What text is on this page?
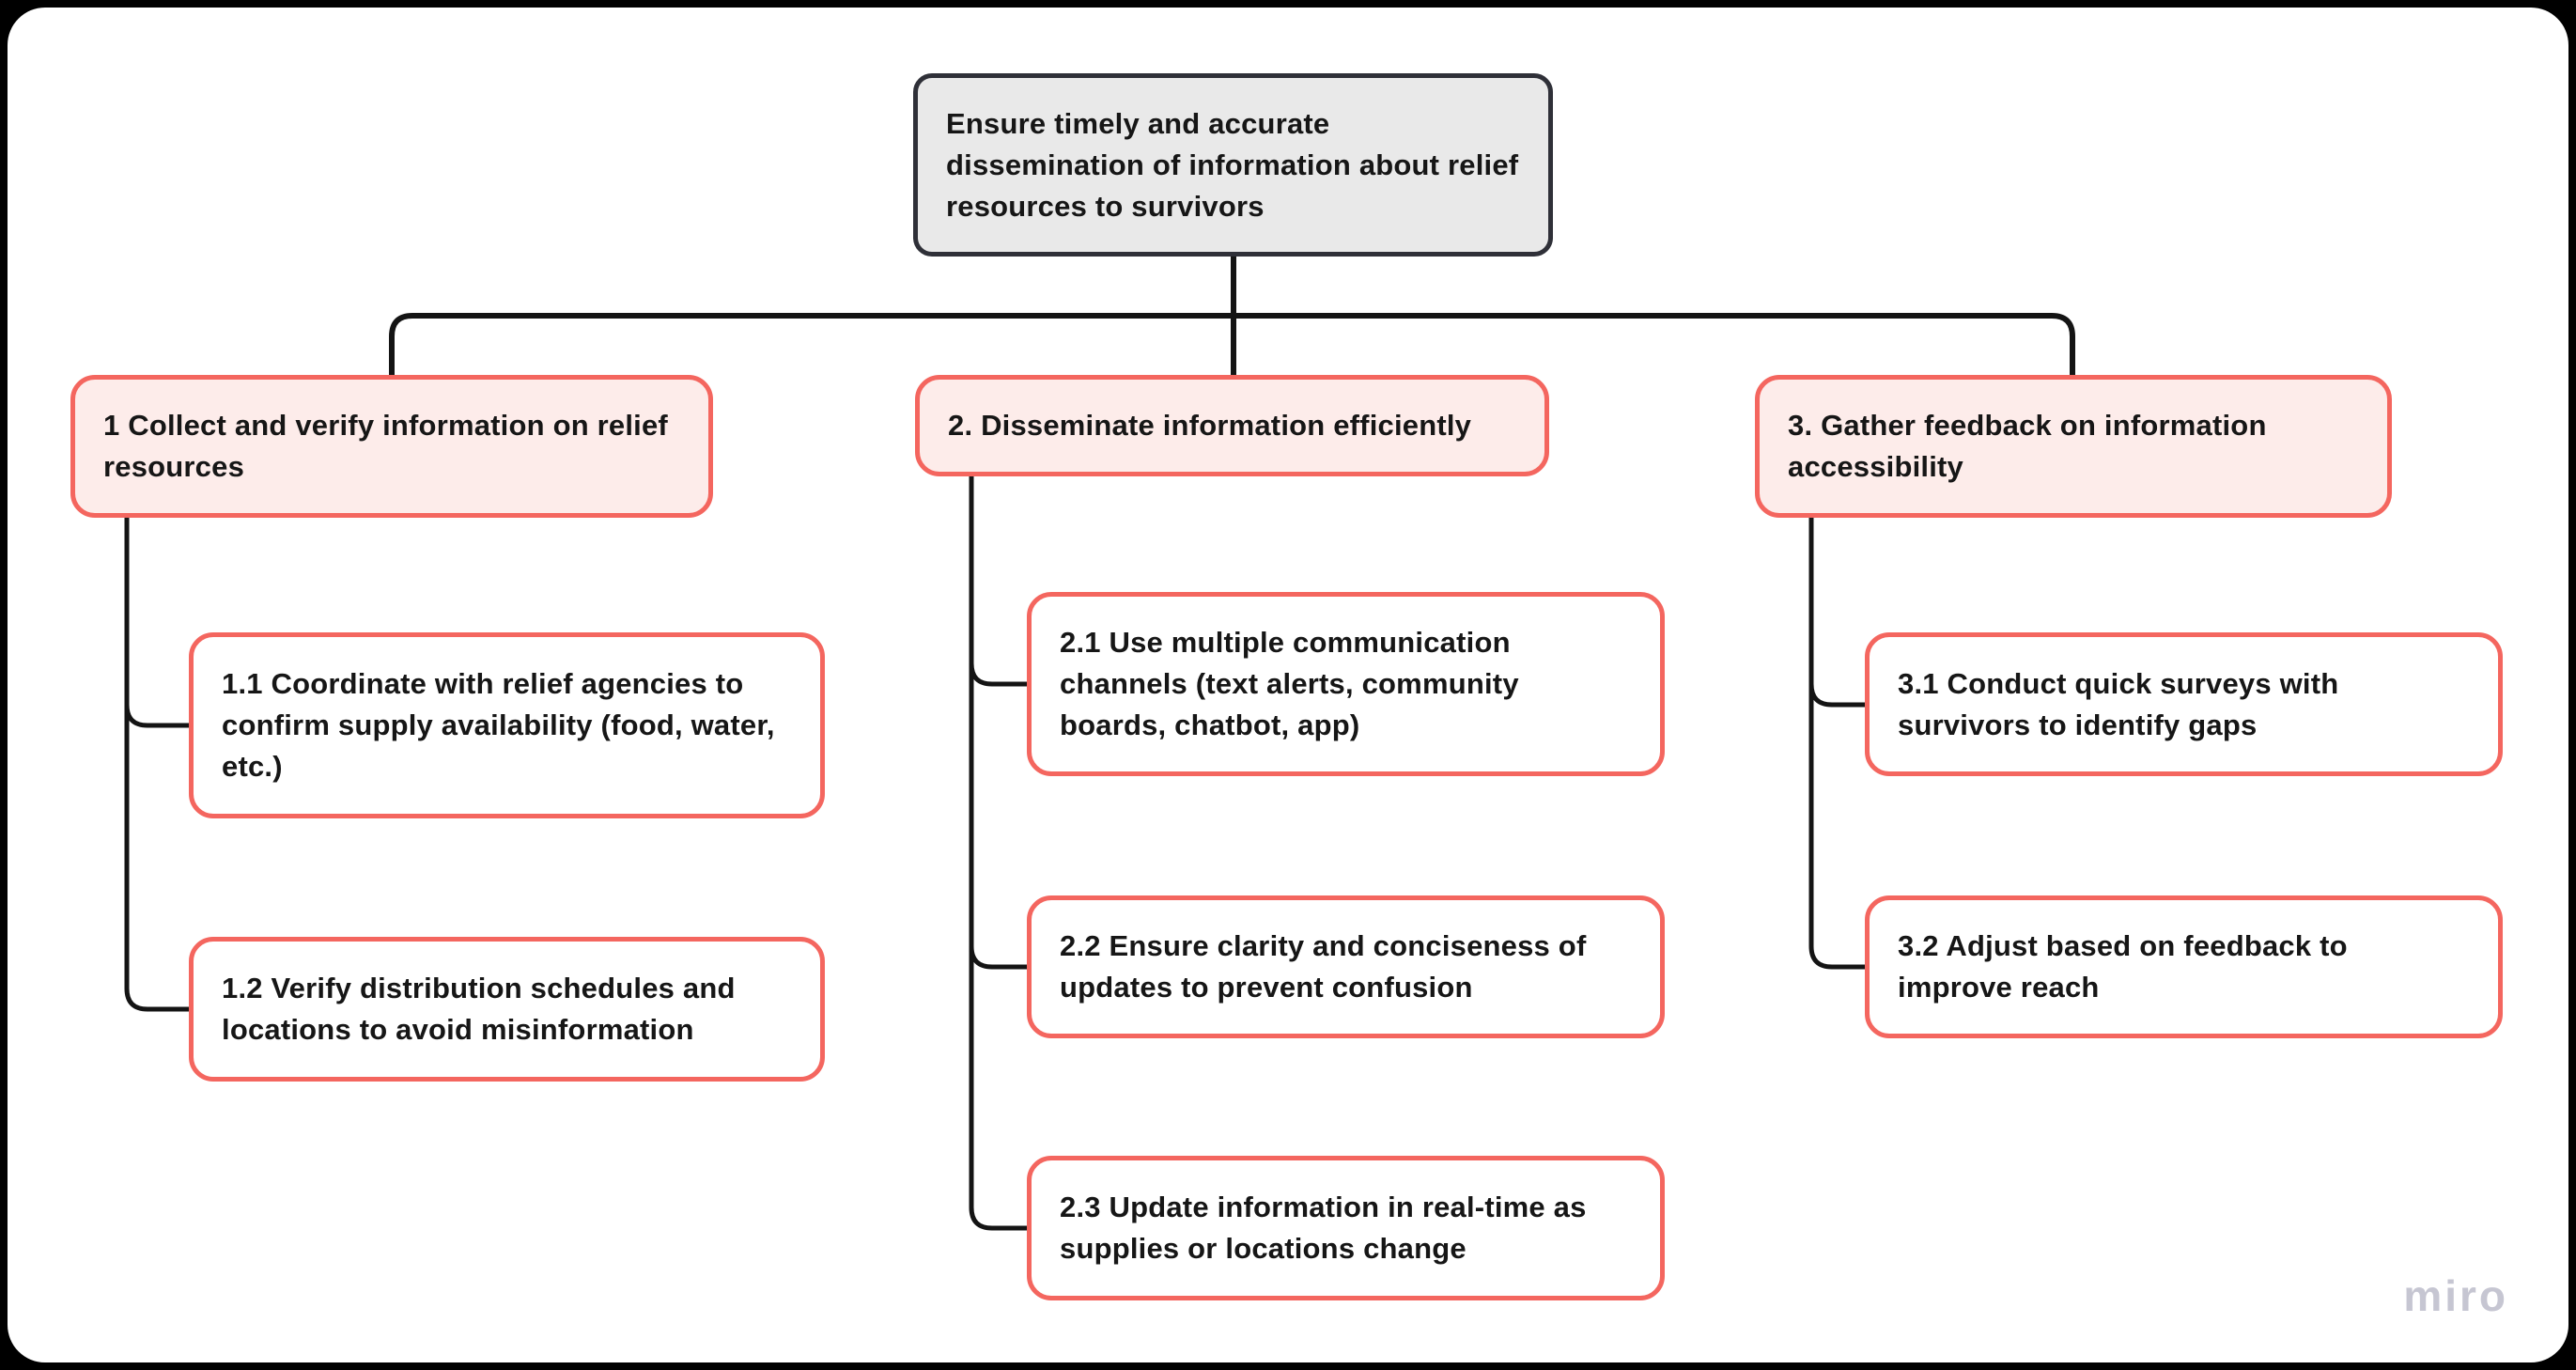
Ensure timely and accurate dissemination of information about relief resources to survivors
1 Collect and verify information on relief resources
2. Disseminate information efficiently	3. Gather feedback on information accessibility
1.1 Coordinate with relief agencies to confirm supply availability (food, water, etc.)
1.2 Verify distribution schedules and locations to avoid misinformation
2.1 Use multiple communication channels (text alerts, community boards, chatbot, app)
2.2 Ensure clarity and conciseness of updates to prevent confusion
2.3 Update information in real-time as supplies or locations change
3.1 Conduct quick surveys with survivors to identify gaps
3.2 Adjust based on feedback to improve reach
miro
